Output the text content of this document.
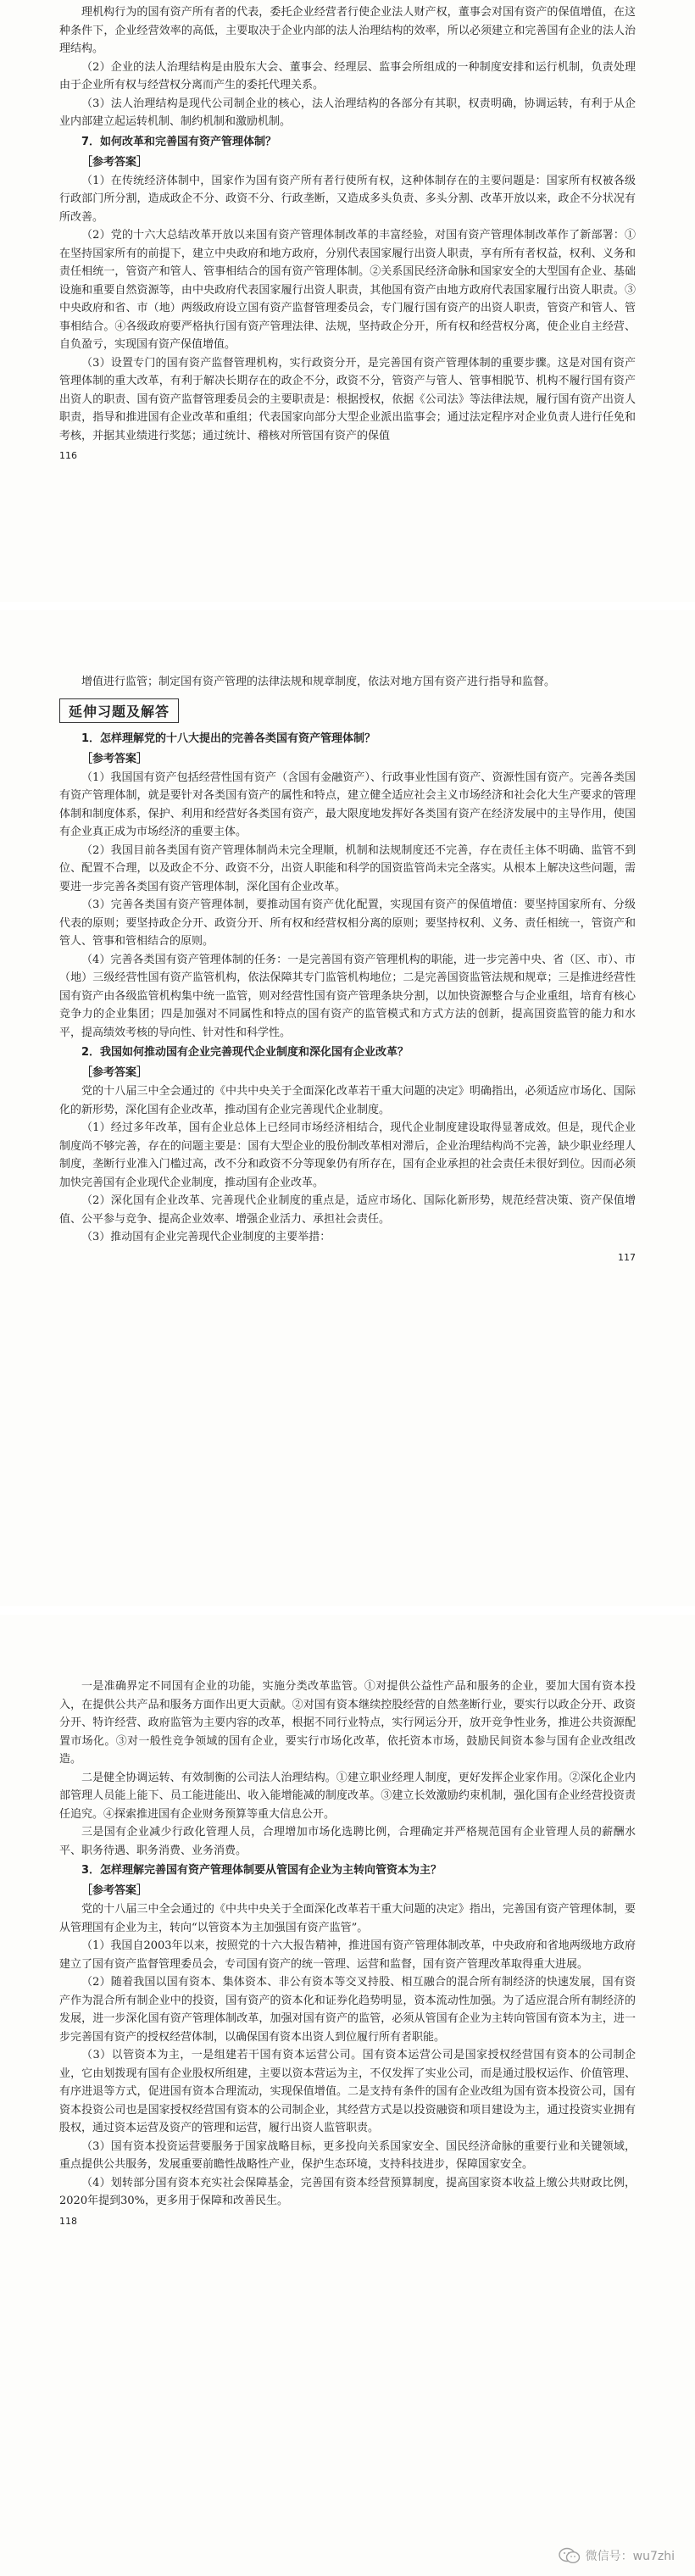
理机构行为的国有资产所有者的代表，委托企业经营者行使企业法人财产权，董事会对国有资产的保值增值，在这种条件下，企业经营效率的高低，主要取决于企业内部的法人治理结构的效率，所以必须建立和完善国有企业的法人治理结构。

（2）企业的法人治理结构是由股东大会、董事会、经理层、监事会所组成的一种制度安排和运行机制，负责处理由于企业所有权与经营权分离而产生的委托代理关系。

（3）法人治理结构是现代公司制企业的核心，法人治理结构的各部分有其职，权责明确，协调运转，有利于从企业内部建立起运转机制、制约机制和激励机制。

7．如何改革和完善国有资产管理体制？
［参考答案］

（1）在传统经济体制中，国家作为国有资产所有者行使所有权，这种体制存在的主要问题是：国家所有权被各级行政部门所分割，造成政企不分、政资不分、行政垄断，又造成多头负责、多头分割、改革开放以来，政企不分状况有所改善。

（2）党的十六大总结改革开放以来国有资产管理体制改革的丰富经验，对国有资产管理体制改革作了新部署：①在坚持国家所有的前提下，建立中央政府和地方政府，分别代表国家履行出资人职责，享有所有者权益，权利、义务和责任相统一，管资产和管人、管事相结合的国有资产管理体制。②关系国民经济命脉和国家安全的大型国有企业、基础设施和重要自然资源等，由中央政府代表国家履行出资人职责，其他国有资产由地方政府代表国家履行出资人职责。③中央政府和省、市（地）两级政府设立国有资产监督管理委员会，专门履行国有资产的出资人职责，管资产和管人、管事相结合。④各级政府要严格执行国有资产管理法律、法规，坚持政企分开，所有权和经营权分离，使企业自主经营、自负盈亏，实现国有资产保值增值。

（3）设置专门的国有资产监督管理机构，实行政资分开，是完善国有资产管理体制的重要步骤。这是对国有资产管理体制的重大改革，有利于解决长期存在的政企不分，政资不分，管资产与管人、管事相脱节、机构不履行国有资产出资人的职责、国有资产监督管理委员会的主要职责是：根据授权，依据《公司法》等法律法规，履行国有资产出资人职责，指导和推进国有企业改革和重组；代表国家向部分大型企业派出监事会；通过法定程序对企业负责人进行任免和考核，并据其业绩进行奖惩；通过统计、稽核对所管国有资产的保值

116

增值进行监管；制定国有资产管理的法律法规和规章制度，依法对地方国有资产进行指导和监督。

延伸习题及解答
1．怎样理解党的十八大提出的完善各类国有资产管理体制？
［参考答案］

（1）我国国有资产包括经营性国有资产（含国有金融资产）、行政事业性国有资产、资源性国有资产。完善各类国有资产管理体制，就是要针对各类国有资产的属性和特点，建立健全适应社会主义市场经济和社会化大生产要求的管理体制和制度体系，保护、利用和经营好各类国有资产，最大限度地发挥好各类国有资产在经济发展中的主导作用，使国有企业真正成为市场经济的重要主体。

（2）我国目前各类国有资产管理体制尚未完全理顺，机制和法规制度还不完善，存在责任主体不明确、监管不到位、配置不合理，以及政企不分、政资不分，出资人职能和科学的国资监管尚未完全落实。从根本上解决这些问题，需要进一步完善各类国有资产管理体制，深化国有企业改革。

（3）完善各类国有资产管理体制，要推动国有资产优化配置，实现国有资产的保值增值：要坚持国家所有、分级代表的原则；要坚持政企分开、政资分开、所有权和经营权相分离的原则；要坚持权利、义务、责任相统一，管资产和管人、管事和管相结合的原则。

（4）完善各类国有资产管理体制的任务：一是完善国有资产管理机构的职能，进一步完善中央、省（区、市）、市（地）三级经营性国有资产监管机构，依法保障其专门监管机构地位；二是完善国资监管法规和规章；三是推进经营性国有资产由各级监管机构集中统一监管，则对经营性国有资产管理条块分割，以加快资源整合与企业重组，培育有核心竞争力的企业集团；四是加强对不同属性和特点的国有资产的监管模式和方式方法的创新，提高国资监管的能力和水平，提高绩效考核的导向性、针对性和科学性。

2．我国如何推动国有企业完善现代企业制度和深化国有企业改革？
［参考答案］

党的十八届三中全会通过的《中共中央关于全面深化改革若干重大问题的决定》明确指出，必须适应市场化、国际化的新形势，深化国有企业改革，推动国有企业完善现代企业制度。

（1）经过多年改革，国有企业总体上已经同市场经济相结合，现代企业制度建设取得显著成效。但是，现代企业制度尚不够完善，存在的问题主要是：国有大型企业的股份制改革相对滞后，企业治理结构尚不完善，缺少职业经理人制度，垄断行业准入门槛过高，改不分和政资不分等现象仍有所存在，国有企业承担的社会责任未很好到位。因而必须加快完善国有企业现代企业制度，推动国有企业改革。

（2）深化国有企业改革、完善现代企业制度的重点是，适应市场化、国际化新形势，规范经营决策、资产保值增值、公平参与竞争、提高企业效率、增强企业活力、承担社会责任。

（3）推动国有企业完善现代企业制度的主要举措：

117

一是准确界定不同国有企业的功能，实施分类改革监管。①对提供公益性产品和服务的企业，要加大国有资本投入，在提供公共产品和服务方面作出更大贡献。②对国有资本继续控股经营的自然垄断行业，要实行以政企分开、政资分开、特许经营、政府监管为主要内容的改革，根据不同行业特点，实行网运分开，放开竞争性业务，推进公共资源配置市场化。③对一般性竞争领域的国有企业，要实行市场化改革，依托资本市场，鼓励民间资本参与国有企业改组改造。

二是健全协调运转、有效制衡的公司法人治理结构。①建立职业经理人制度，更好发挥企业家作用。②深化企业内部管理人员能上能下、员工能进能出、收入能增能减的制度改革。③建立长效激励约束机制，强化国有企业经营投资责任追究。④探索推进国有企业财务预算等重大信息公开。

三是国有企业减少行政化管理人员，合理增加市场化选聘比例，合理确定并严格规范国有企业管理人员的薪酬水平、职务待遇、职务消费、业务消费。

3．怎样理解完善国有资产管理体制要从管国有企业为主转向管资本为主？
［参考答案］

党的十八届三中全会通过的《中共中央关于全面深化改革若干重大问题的决定》指出，完善国有资产管理体制，要从管理国有企业为主，转向“以管资本为主加强国有资产监管”。

（1）我国自2003年以来，按照党的十六大报告精神，推进国有资产管理体制改革，中央政府和省地两级地方政府建立了国有资产监督管理委员会，专司国有资产的统一管理、运营和监督，国有资产管理改革取得重大进展。

（2）随着我国以国有资本、集体资本、非公有资本等交叉持股、相互融合的混合所有制经济的快速发展，国有资产作为混合所有制企业中的投资，国有资产的资本化和证券化趋势明显，资本流动性加强。为了适应混合所有制经济的发展，进一步深化国有资产管理体制改革，加强对国有资产的监管，必须从管国有企业为主转向管国有资本为主，进一步完善国有资产的授权经营体制，以确保国有资本出资人到位履行所有者职能。

（3）以管资本为主，一是组建若干国有资本运营公司。国有资本运营公司是国家授权经营国有资本的公司制企业，它由划拨现有国有企业股权所组建，主要以资本营运为主，不仅发挥了实业公司，而是通过股权运作、价值管理、有序进退等方式，促进国有资本合理流动，实现保值增值。二是支持有条件的国有企业改组为国有资本投资公司，国有资本投资公司也是国家授权经营国有资本的公司制企业，其经营方式是以投资融资和项目建设为主，通过投资实业拥有股权，通过资本运营及资产的管理和运营，履行出资人监管职责。

（3）国有资本投资运营要服务于国家战略目标，更多投向关系国家安全、国民经济命脉的重要行业和关键领域，重点提供公共服务，发展重要前瞻性战略性产业，保护生态环境，支持科技进步，保障国家安全。

（4）划转部分国有资本充实社会保障基金，完善国有资本经营预算制度，提高国家资本收益上缴公共财政比例，2020年提到30%，更多用于保障和改善民生。

118
微信号：wu7zhi
